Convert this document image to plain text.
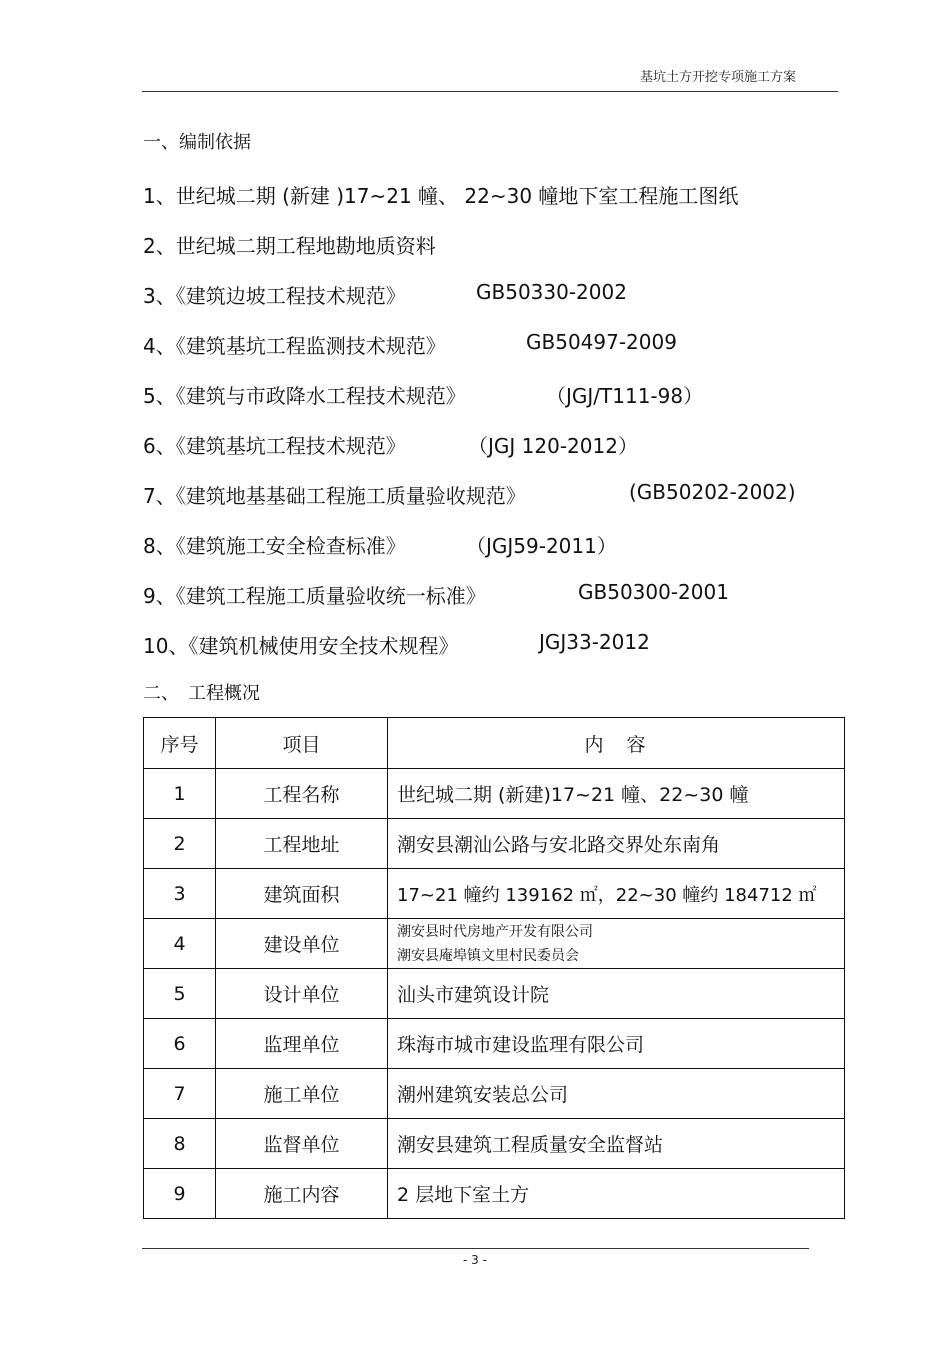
基坑土方开挖专项施工方案
一、编制依据
1、世纪城二期 (新建 )17~21 幢、 22~30 幢地下室工程施工图纸
2、世纪城二期工程地勘地质资料
3、《建筑边坡工程技术规范》	GB50330-2002
4、《建筑基坑工程监测技术规范》	GB50497-2009
5、《建筑与市政降水工程技术规范》	（JGJ/T111-98）
6、《建筑基坑工程技术规范》	（JGJ 120-2012）
7、《建筑地基基础工程施工质量验收规范》	(GB50202-2002)
8、《建筑施工安全检查标准》	（JGJ59-2011）
9、《建筑工程施工质量验收统一标准》	GB50300-2001
10、《建筑机械使用安全技术规程》	JGJ33-2012
二、　工程概况
序号	项目	内　容
1	工程名称	世纪城二期 (新建)17~21 幢、22~30 幢
2	工程地址	潮安县潮汕公路与安北路交界处东南角
3	建筑面积	17~21 幢约 139162 ㎡，22~30 幢约 184712 ㎡
4	建设单位	潮安县时代房地产开发有限公司
潮安县庵埠镇文里村民委员会

5	设计单位	汕头市建筑设计院
6	监理单位	珠海市城市建设监理有限公司
7	施工单位	潮州建筑安装总公司
8	监督单位	潮安县建筑工程质量安全监督站
9	施工内容	2 层地下室土方
- 3 -
